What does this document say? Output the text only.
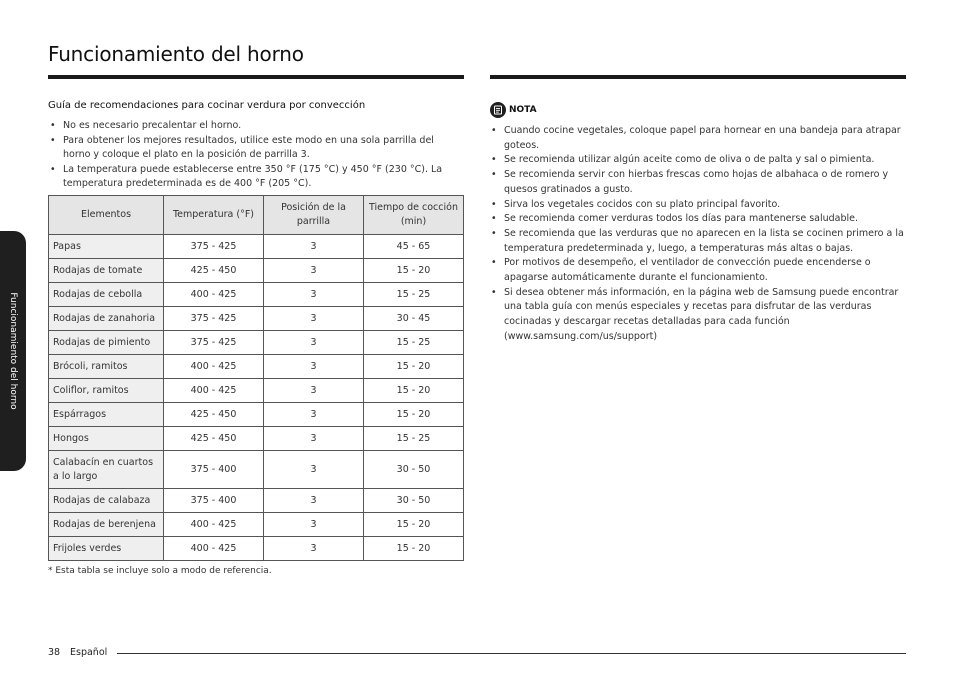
Funcionamiento del horno
Funcionamiento del horno
Guía de recomendaciones para cocinar verdura por convección
• No es necesario precalentar el horno.
• Para obtener los mejores resultados, utilice este modo en una sola parrilla del horno y coloque el plato en la posición de parrilla 3.
• La temperatura puede establecerse entre 350 °F (175 °C) y 450 °F (230 °C). La temperatura predeterminada es de 400 °F (205 °C).
Elementos	Temperatura (°F)	Posición de la parrilla	Tiempo de cocción (min)
Papas	375 - 425	3	45 - 65
Rodajas de tomate	425 - 450	3	15 - 20
Rodajas de cebolla	400 - 425	3	15 - 25
Rodajas de zanahoria	375 - 425	3	30 - 45
Rodajas de pimiento	375 - 425	3	15 - 25
Brócoli, ramitos	400 - 425	3	15 - 20
Coliflor, ramitos	400 - 425	3	15 - 20
Espárragos	425 - 450	3	15 - 20
Hongos	425 - 450	3	15 - 25
Calabacín en cuartos a lo largo	375 - 400	3	30 - 50
Rodajas de calabaza	375 - 400	3	30 - 50
Rodajas de berenjena	400 - 425	3	15 - 20
Frijoles verdes	400 - 425	3	15 - 20
* Esta tabla se incluye solo a modo de referencia.
NOTA
• Cuando cocine vegetales, coloque papel para hornear en una bandeja para atrapar goteos.
• Se recomienda utilizar algún aceite como de oliva o de palta y sal o pimienta.
• Se recomienda servir con hierbas frescas como hojas de albahaca o de romero y quesos gratinados a gusto.
• Sirva los vegetales cocidos con su plato principal favorito.
• Se recomienda comer verduras todos los días para mantenerse saludable.
• Se recomienda que las verduras que no aparecen en la lista se cocinen primero a la temperatura predeterminada y, luego, a temperaturas más altas o bajas.
• Por motivos de desempeño, el ventilador de convección puede encenderse o apagarse automáticamente durante el funcionamiento.
• Si desea obtener más información, en la página web de Samsung puede encontrar una tabla guía con menús especiales y recetas para disfrutar de las verduras cocinadas y descargar recetas detalladas para cada función (www.samsung.com/us/support)
38 Español
